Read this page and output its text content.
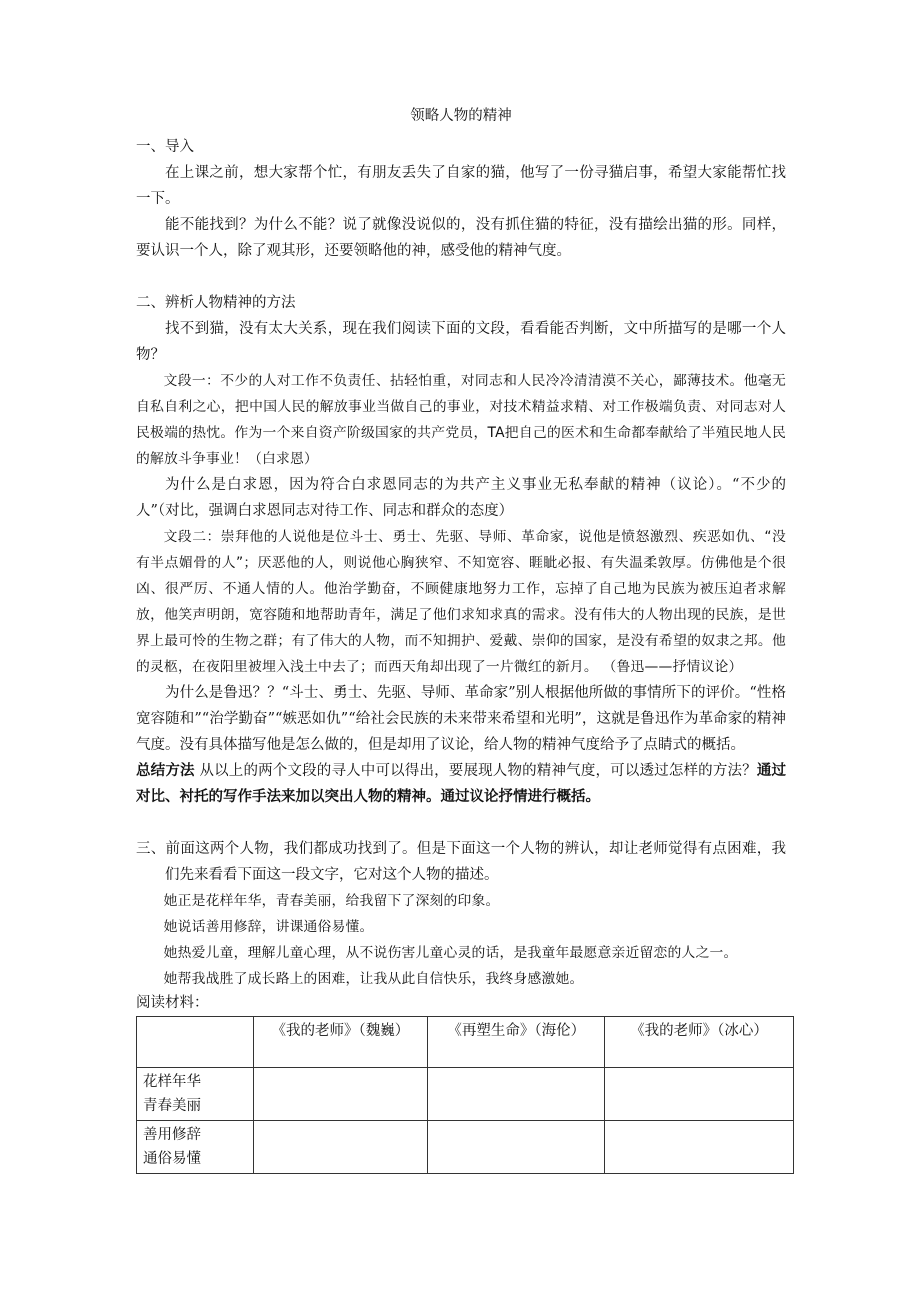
领略人物的精神

一、导入

在上课之前，想大家帮个忙，有朋友丢失了自家的猫，他写了一份寻猫启事，希望大家能帮忙找一下。

能不能找到？为什么不能？说了就像没说似的，没有抓住猫的特征，没有描绘出猫的形。同样，要认识一个人，除了观其形，还要领略他的神，感受他的精神气度。

二、辨析人物精神的方法

找不到猫，没有太大关系，现在我们阅读下面的文段，看看能否判断，文中所描写的是哪一个人物？

文段一：不少的人对工作不负责任、拈轻怕重，对同志和人民冷冷清清漠不关心，鄙薄技术。他毫无自私自利之心，把中国人民的解放事业当做自己的事业，对技术精益求精、对工作极端负责、对同志对人民极端的热忱。作为一个来自资产阶级国家的共产党员，TA把自己的医术和生命都奉献给了半殖民地人民的解放斗争事业！（白求恩）

为什么是白求恩，因为符合白求恩同志的为共产主义事业无私奉献的精神（议论）。“不少的人”（对比，强调白求恩同志对待工作、同志和群众的态度）

文段二：崇拜他的人说他是位斗士、勇士、先驱、导师、革命家，说他是愤怒激烈、疾恶如仇、“没有半点媚骨的人”；厌恶他的人，则说他心胸狭窄、不知宽容、睚眦必报、有失温柔敦厚。仿佛他是个很凶、很严厉、不通人情的人。他治学勤奋，不顾健康地努力工作，忘掉了自己地为民族为被压迫者求解放，他笑声明朗，宽容随和地帮助青年，满足了他们求知求真的需求。没有伟大的人物出现的民族，是世界上最可怜的生物之群；有了伟大的人物，而不知拥护、爱戴、崇仰的国家，是没有希望的奴隶之邦。他的灵柩，在夜阳里被埋入浅土中去了；而西天角却出现了一片微红的新月。 （鲁迅——抒情议论）

为什么是鲁迅？？“斗士、勇士、先驱、导师、革命家”别人根据他所做的事情所下的评价。“性格宽容随和”“治学勤奋”“嫉恶如仇”“给社会民族的未来带来希望和光明”，这就是鲁迅作为革命家的精神气度。没有具体描写他是怎么做的，但是却用了议论，给人物的精神气度给予了点睛式的概括。

总结方法 从以上的两个文段的寻人中可以得出，要展现人物的精神气度，可以透过怎样的方法？通过对比、衬托的写作手法来加以突出人物的精神。通过议论抒情进行概括。

三、前面这两个人物，我们都成功找到了。但是下面这一个人物的辨认，却让老师觉得有点困难，我们先来看看下面这一段文字，它对这个人物的描述。

她正是花样年华，青春美丽，给我留下了深刻的印象。

她说话善用修辞，讲课通俗易懂。

她热爱儿童，理解儿童心理，从不说伤害儿童心灵的话，是我童年最愿意亲近留恋的人之一。

她帮我战胜了成长路上的困难，让我从此自信快乐，我终身感激她。

阅读材料：

	《我的老师》（魏巍）	《再塑生命》（海伦）	《我的老师》（冰心）

花样年华
青春美丽			

善用修辞
通俗易懂			
